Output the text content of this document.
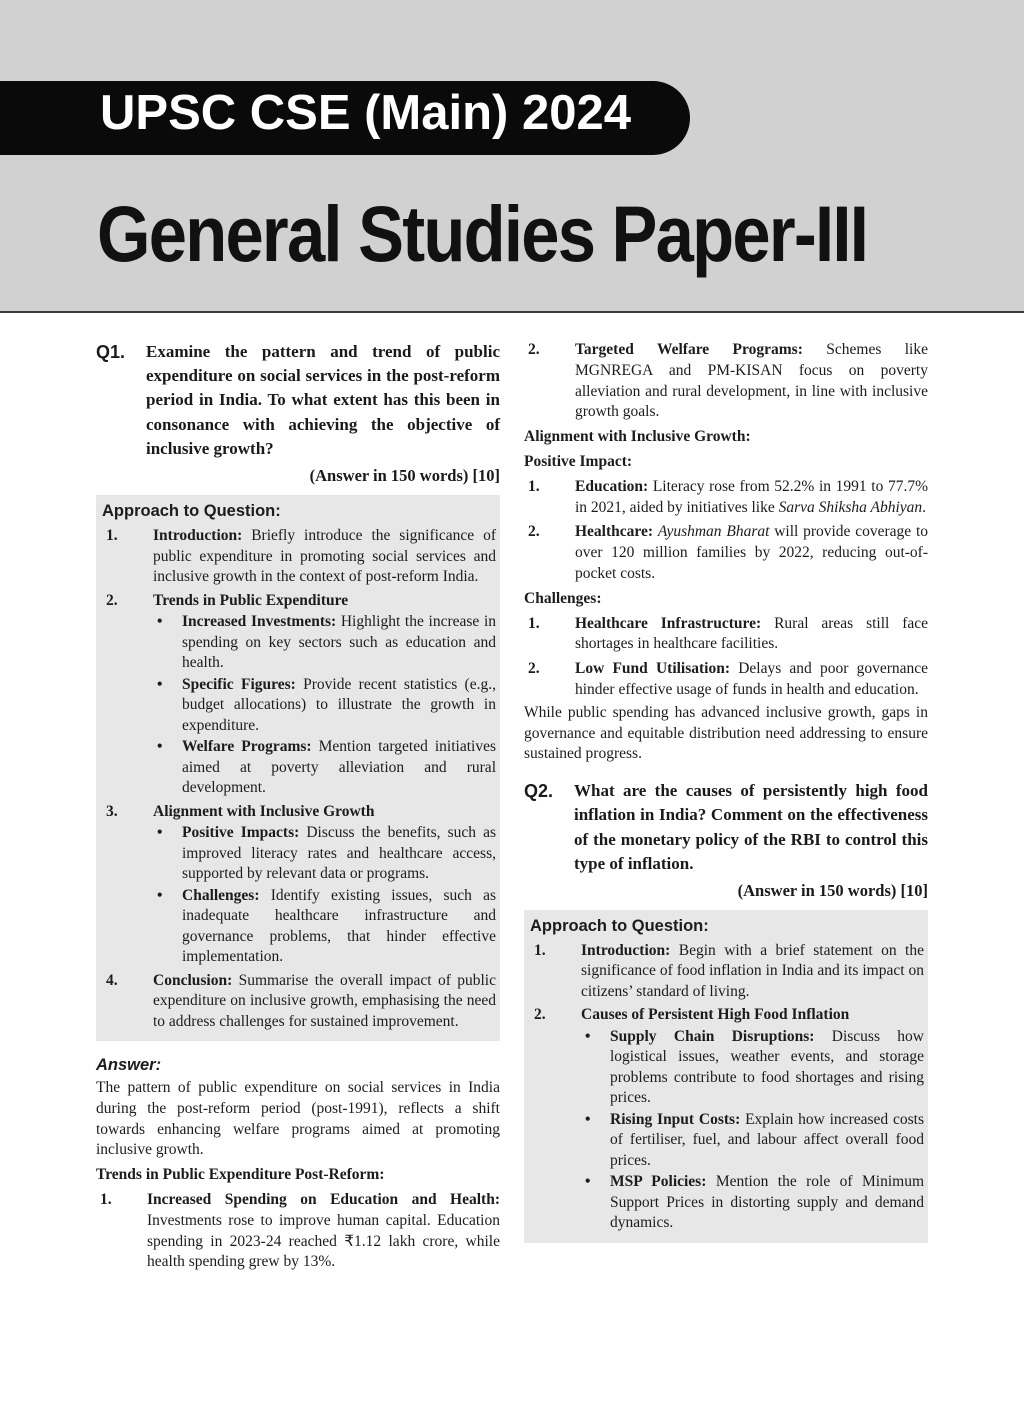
UPSC CSE (Main) 2024
General Studies Paper-III
Q1. Examine the pattern and trend of public expenditure on social services in the post-reform period in India. To what extent has this been in consonance with achieving the objective of inclusive growth?
(Answer in 150 words) [10]
Approach to Question:
1. Introduction: Briefly introduce the significance of public expenditure in promoting social services and inclusive growth in the context of post-reform India.
2. Trends in Public Expenditure
• Increased Investments: Highlight the increase in spending on key sectors such as education and health.
• Specific Figures: Provide recent statistics (e.g., budget allocations) to illustrate the growth in expenditure.
• Welfare Programs: Mention targeted initiatives aimed at poverty alleviation and rural development.
3. Alignment with Inclusive Growth
• Positive Impacts: Discuss the benefits, such as improved literacy rates and healthcare access, supported by relevant data or programs.
• Challenges: Identify existing issues, such as inadequate healthcare infrastructure and governance problems, that hinder effective implementation.
4. Conclusion: Summarise the overall impact of public expenditure on inclusive growth, emphasising the need to address challenges for sustained improvement.
Answer:
The pattern of public expenditure on social services in India during the post-reform period (post-1991), reflects a shift towards enhancing welfare programs aimed at promoting inclusive growth.
Trends in Public Expenditure Post-Reform:
1. Increased Spending on Education and Health: Investments rose to improve human capital. Education spending in 2023-24 reached ₹1.12 lakh crore, while health spending grew by 13%.
2. Targeted Welfare Programs: Schemes like MGNREGA and PM-KISAN focus on poverty alleviation and rural development, in line with inclusive growth goals.
Alignment with Inclusive Growth:
Positive Impact:
1. Education: Literacy rose from 52.2% in 1991 to 77.7% in 2021, aided by initiatives like Sarva Shiksha Abhiyan.
2. Healthcare: Ayushman Bharat will provide coverage to over 120 million families by 2022, reducing out-of-pocket costs.
Challenges:
1. Healthcare Infrastructure: Rural areas still face shortages in healthcare facilities.
2. Low Fund Utilisation: Delays and poor governance hinder effective usage of funds in health and education.
While public spending has advanced inclusive growth, gaps in governance and equitable distribution need addressing to ensure sustained progress.
Q2. What are the causes of persistently high food inflation in India? Comment on the effectiveness of the monetary policy of the RBI to control this type of inflation.
(Answer in 150 words) [10]
Approach to Question:
1. Introduction: Begin with a brief statement on the significance of food inflation in India and its impact on citizens’ standard of living.
2. Causes of Persistent High Food Inflation
• Supply Chain Disruptions: Discuss how logistical issues, weather events, and storage problems contribute to food shortages and rising prices.
• Rising Input Costs: Explain how increased costs of fertiliser, fuel, and labour affect overall food prices.
• MSP Policies: Mention the role of Minimum Support Prices in distorting supply and demand dynamics.
